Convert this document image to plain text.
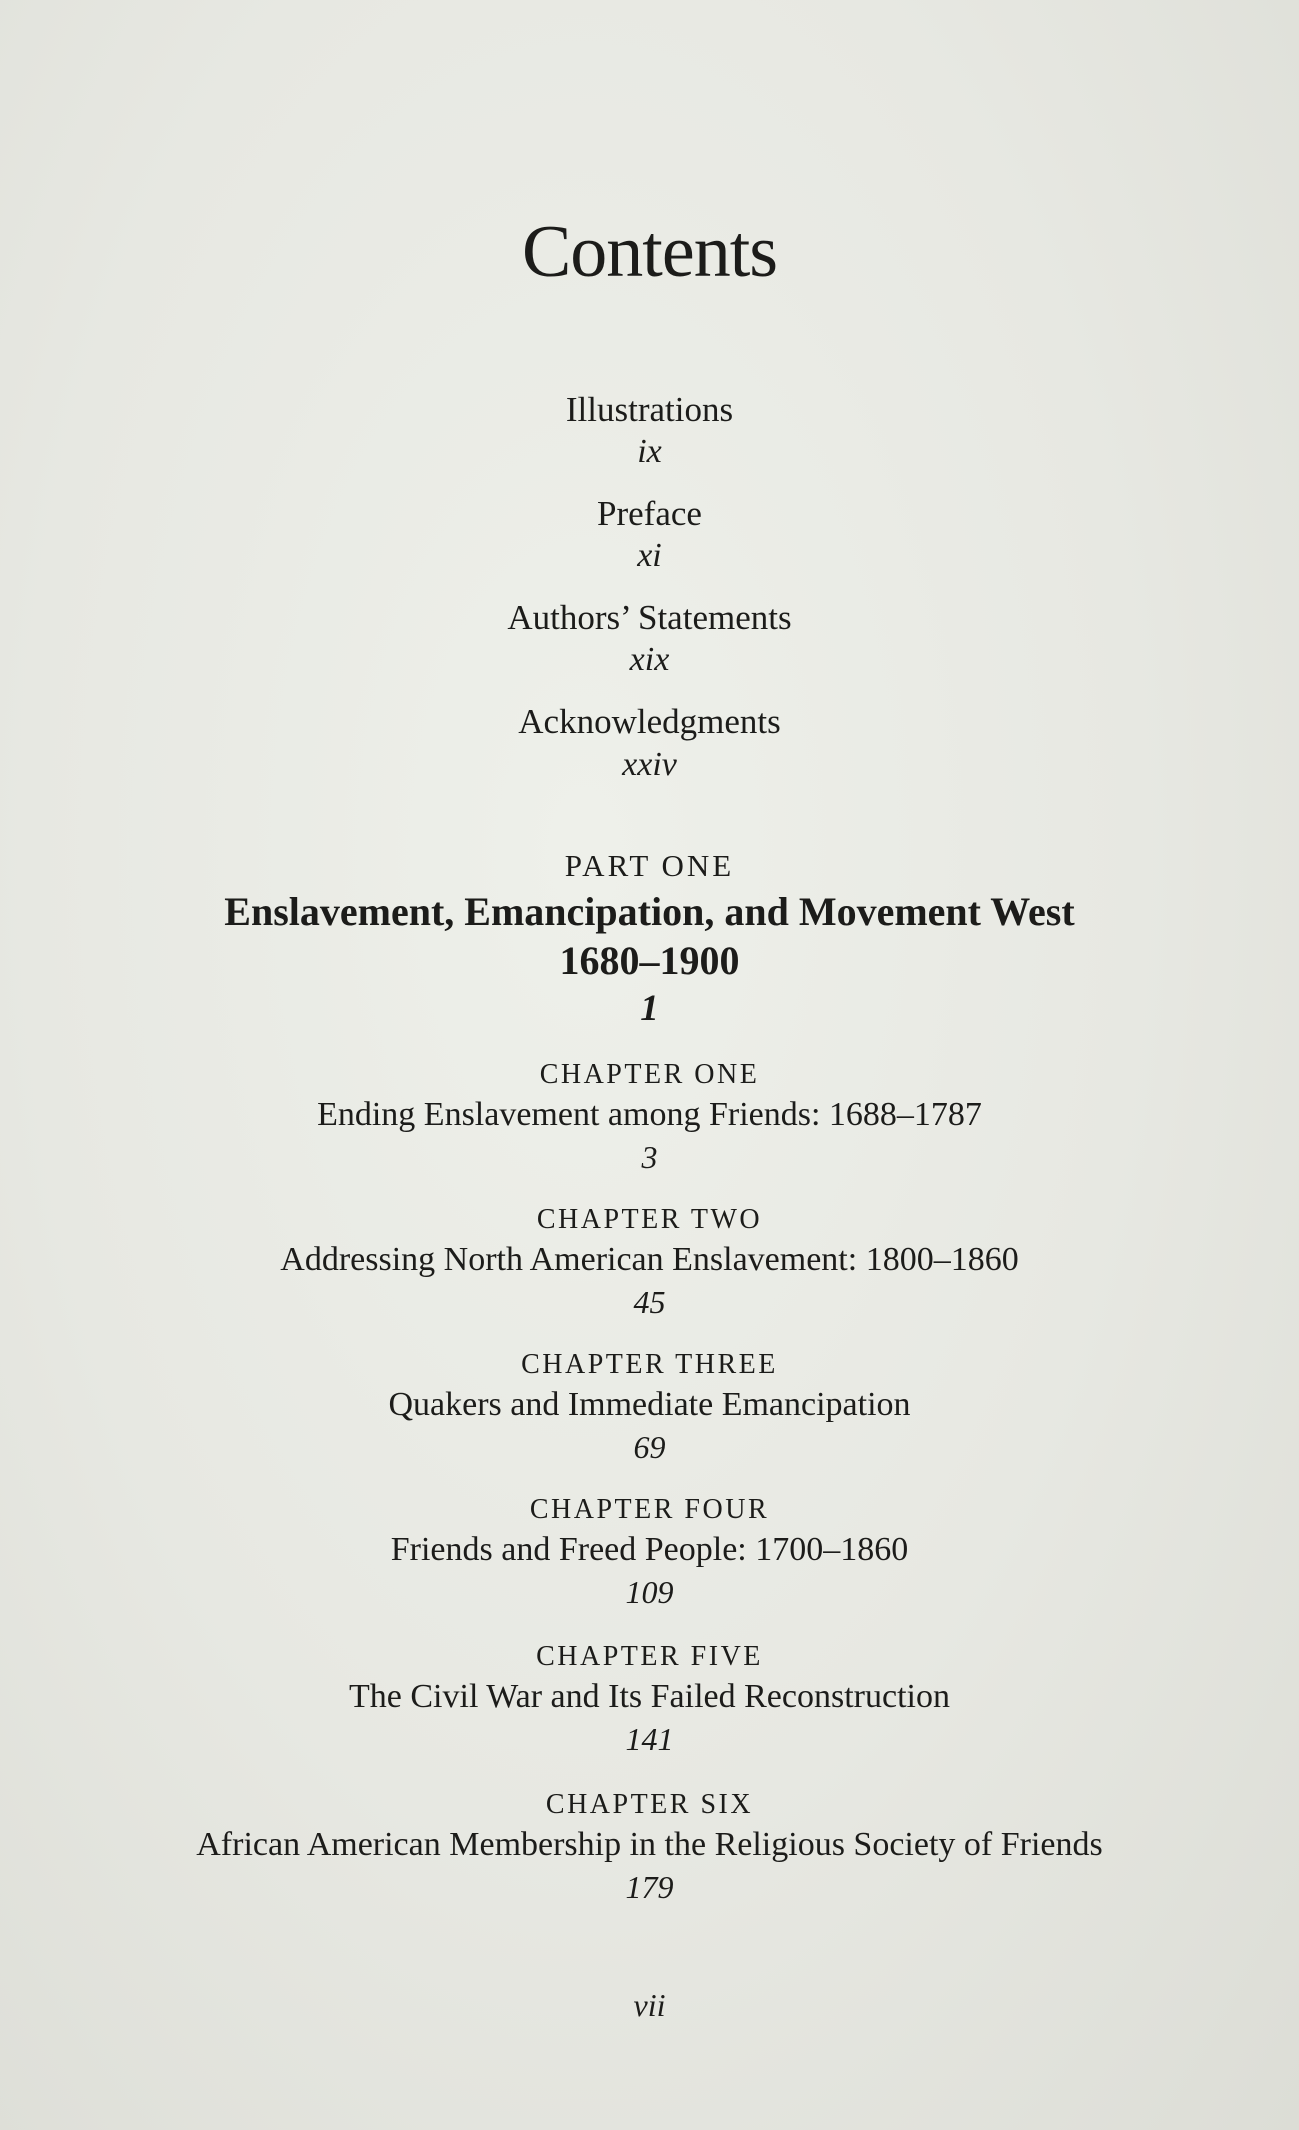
Contents
Illustrations
ix
Preface
xi
Authors’ Statements
xix
Acknowledgments
xxiv
PART ONE
Enslavement, Emancipation, and Movement West
1680–1900
1
CHAPTER ONE
Ending Enslavement among Friends: 1688–1787
3
CHAPTER TWO
Addressing North American Enslavement: 1800–1860
45
CHAPTER THREE
Quakers and Immediate Emancipation
69
CHAPTER FOUR
Friends and Freed People: 1700–1860
109
CHAPTER FIVE
The Civil War and Its Failed Reconstruction
141
CHAPTER SIX
African American Membership in the Religious Society of Friends
179
vii
